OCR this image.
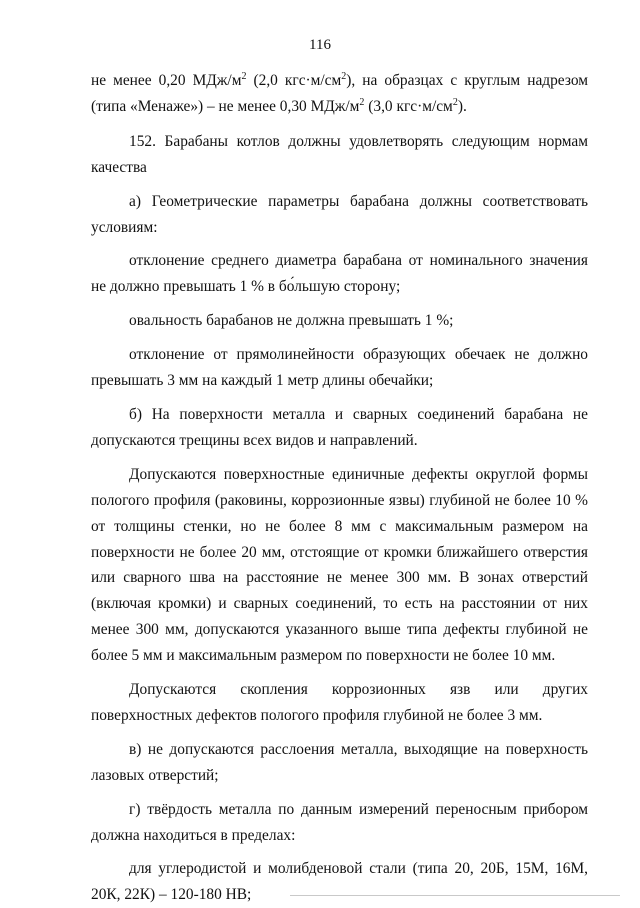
116

не менее 0,20 МДж/$м^2$ (2,0 $кгс\cdot м/см^2$), на образцах с круглым надрезом (типа «Менаже») – не менее 0,30 МДж/$м^2$ (3,0 $кгс\cdot м/см^2$).

152. Барабаны котлов должны удовлетворять следующим нормам качества

а) Геометрические параметры барабана должны соответствовать условиям:

отклонение среднего диаметра барабана от номинального значения не должно превышать 1 % в бо́льшую сторону;

овальность барабанов не должна превышать 1 %;

отклонение от прямолинейности образующих обечаек не должно превышать 3 мм на каждый 1 метр длины обечайки;

б) На поверхности металла и сварных соединений барабана не допускаются трещины всех видов и направлений.

Допускаются поверхностные единичные дефекты округлой формы пологого профиля (раковины, коррозионные язвы) глубиной не более 10 % от толщины стенки, но не более 8 мм с максимальным размером на поверхности не более 20 мм, отстоящие от кромки ближайшего отверстия или сварного шва на расстояние не менее 300 мм. В зонах отверстий (включая кромки) и сварных соединений, то есть на расстоянии от них менее 300 мм, допускаются указанного выше типа дефекты глубиной не более 5 мм и максимальным размером по поверхности не более 10 мм.

Допускаются скопления коррозионных язв или других поверхностных дефектов пологого профиля глубиной не более 3 мм.

в) не допускаются расслоения металла, выходящие на поверхность лазовых отверстий;

г) твёрдость металла по данным измерений переносным прибором должна находиться в пределах:

для углеродистой и молибденовой стали (типа 20, 20Б, 15М, 16М, 20К, 22К) – 120-180 НВ;
